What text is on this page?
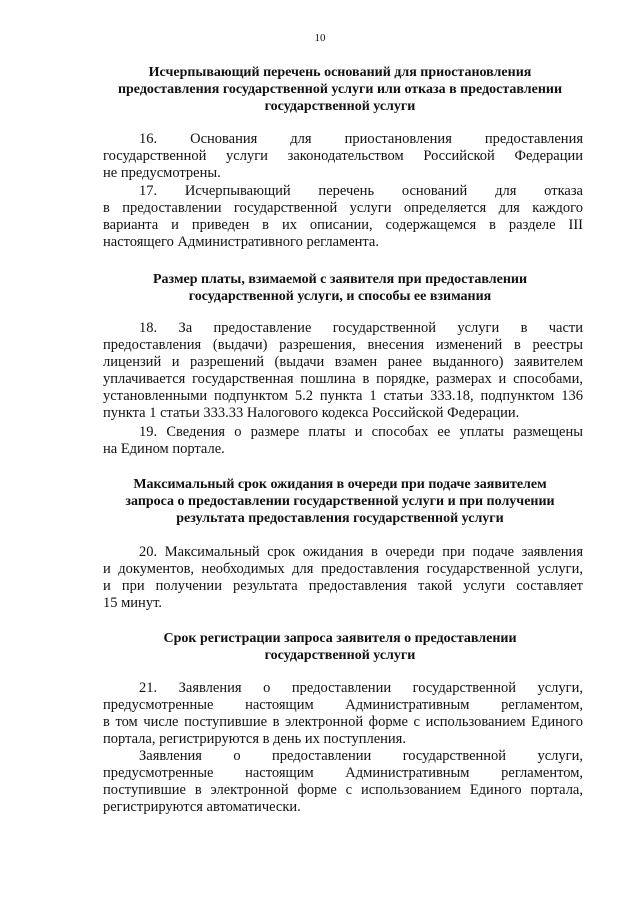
10
Исчерпывающий перечень оснований для приостановления
предоставления государственной услуги или отказа в предоставлении
государственной услуги
16. Основания для приостановления предоставления
государственной услуги законодательством Российской Федерации
не предусмотрены.
17. Исчерпывающий перечень оснований для отказа
в предоставлении государственной услуги определяется для каждого
варианта и приведен в их описании, содержащемся в разделе III
настоящего Административного регламента.
Размер платы, взимаемой с заявителя при предоставлении
государственной услуги, и способы ее взимания
18. За предоставление государственной услуги в части
предоставления (выдачи) разрешения, внесения изменений в реестры
лицензий и разрешений (выдачи взамен ранее выданного) заявителем
уплачивается государственная пошлина в порядке, размерах и способами,
установленными подпунктом 5.2 пункта 1 статьи 333.18, подпунктом 136
пункта 1 статьи 333.33 Налогового кодекса Российской Федерации.
19. Сведения о размере платы и способах ее уплаты размещены
на Едином портале.
Максимальный срок ожидания в очереди при подаче заявителем
запроса о предоставлении государственной услуги и при получении
результата предоставления государственной услуги
20. Максимальный срок ожидания в очереди при подаче заявления
и документов, необходимых для предоставления государственной услуги,
и при получении результата предоставления такой услуги составляет
15 минут.
Срок регистрации запроса заявителя о предоставлении
государственной услуги
21. Заявления о предоставлении государственной услуги,
предусмотренные настоящим Административным регламентом,
в том числе поступившие в электронной форме с использованием Единого
портала, регистрируются в день их поступления.
Заявления о предоставлении государственной услуги,
предусмотренные настоящим Административным регламентом,
поступившие в электронной форме с использованием Единого портала,
регистрируются автоматически.
